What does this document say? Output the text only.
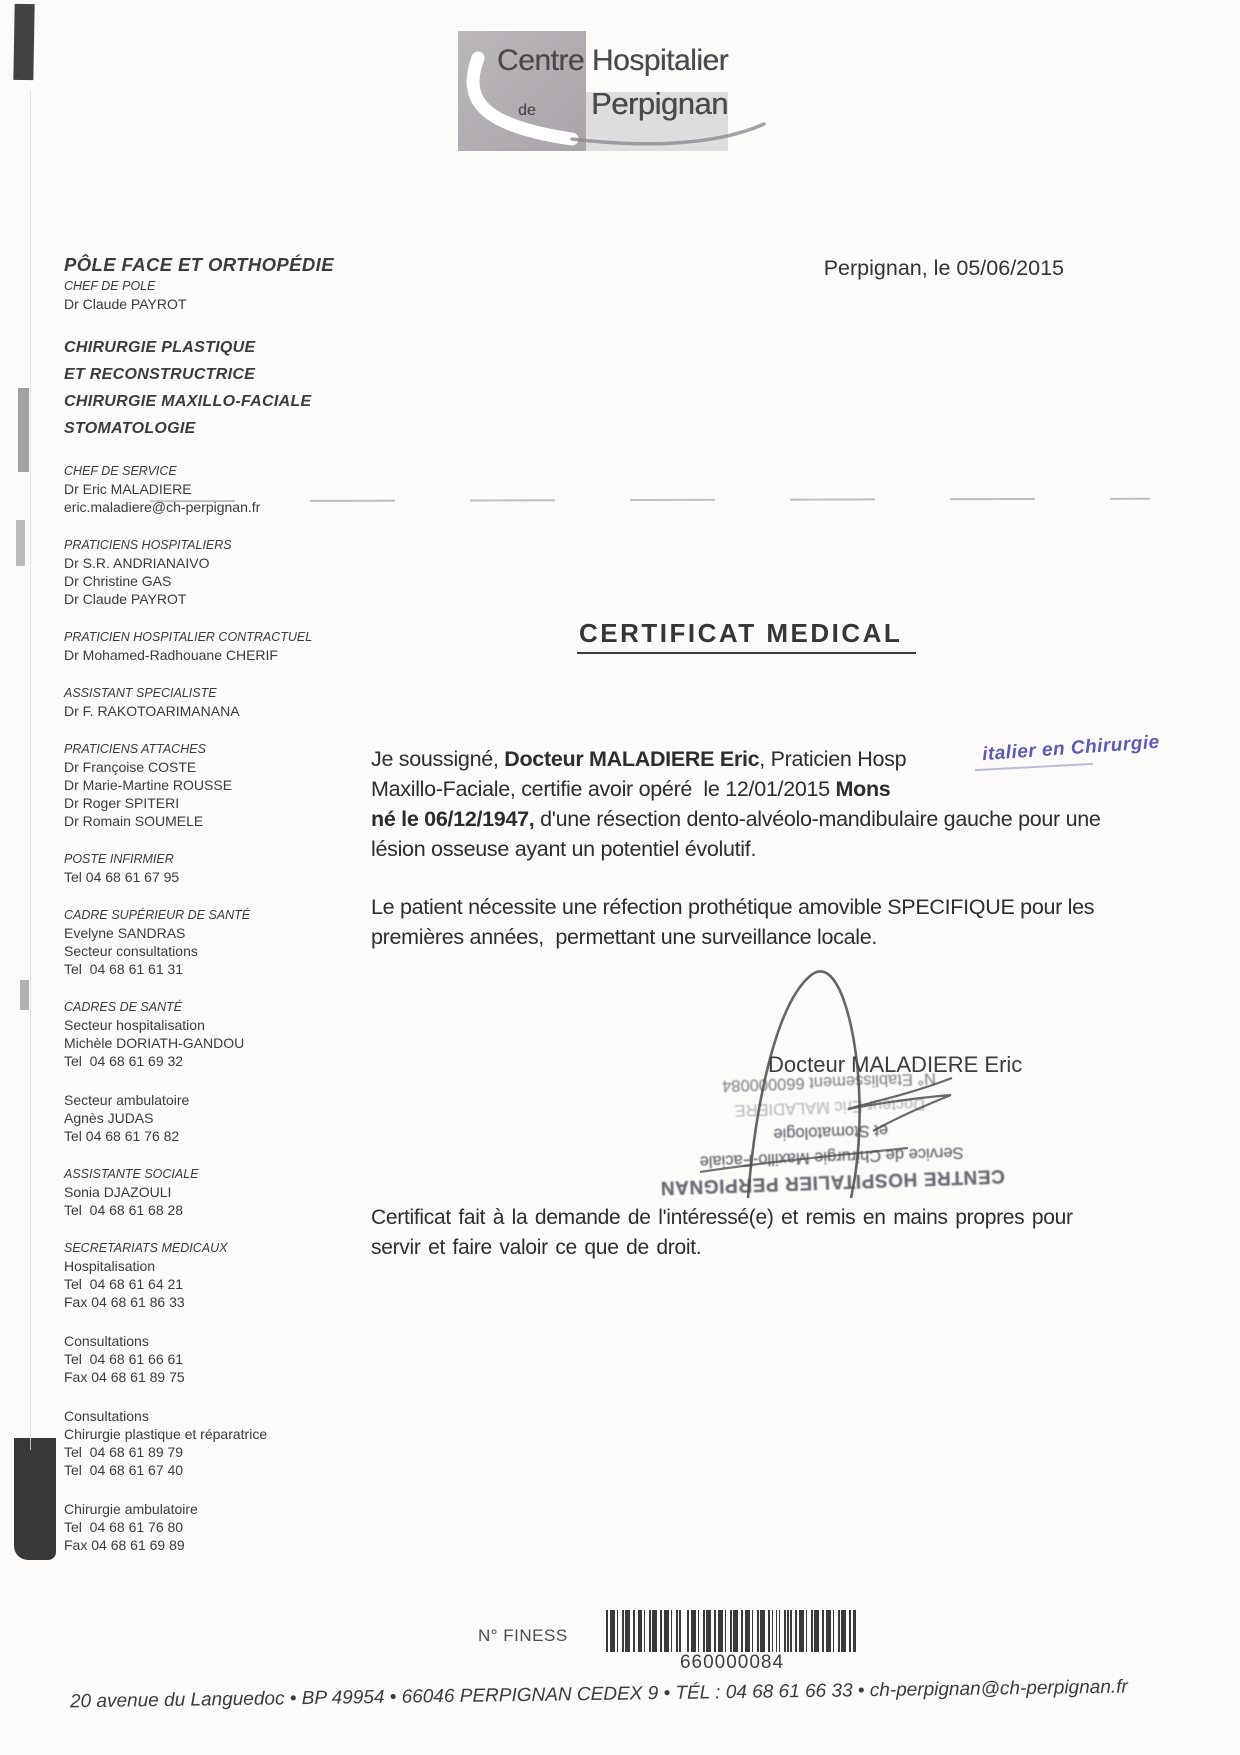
Centre Hospitalier
de Perpignan
Perpignan, le 05/06/2015
PÔLE FACE ET ORTHOPÉDIE
CHEF DE POLE
Dr Claude PAYROT
CHIRURGIE PLASTIQUE
ET RECONSTRUCTRICE
CHIRURGIE MAXILLO-FACIALE
STOMATOLOGIE
CHEF DE SERVICE
Dr Eric MALADIERE
eric.maladiere@ch-perpignan.fr
PRATICIENS HOSPITALIERS
Dr S.R. ANDRIANAIVO
Dr Christine GAS
Dr Claude PAYROT
PRATICIEN HOSPITALIER CONTRACTUEL
Dr Mohamed-Radhouane CHERIF
ASSISTANT SPECIALISTE
Dr F. RAKOTOARIMANANA
PRATICIENS ATTACHES
Dr Françoise COSTE
Dr Marie-Martine ROUSSE
Dr Roger SPITERI
Dr Romain SOUMELE
POSTE INFIRMIER
Tel 04 68 61 67 95
CADRE SUPÉRIEUR DE SANTÉ
Evelyne SANDRAS
Secteur consultations
Tel  04 68 61 61 31
CADRES DE SANTÉ
Secteur hospitalisation
Michèle DORIATH-GANDOU
Tel  04 68 61 69 32
Secteur ambulatoire
Agnès JUDAS
Tel 04 68 61 76 82
ASSISTANTE SOCIALE
Sonia DJAZOULI
Tel  04 68 61 68 28
SECRETARIATS MEDICAUX
Hospitalisation
Tel  04 68 61 64 21
Fax 04 68 61 86 33
Consultations
Tel  04 68 61 66 61
Fax 04 68 61 89 75
Consultations
Chirurgie plastique et réparatrice
Tel  04 68 61 89 79
Tel  04 68 61 67 40
Chirurgie ambulatoire
Tel  04 68 61 76 80
Fax 04 68 61 69 89
CERTIFICAT MEDICAL
Je soussigné, Docteur MALADIERE Eric, Praticien Hosp
Maxillo-Faciale, certifie avoir opéré  le 12/01/2015 Mons
né le 06/12/1947, d'une résection dento-alvéolo-mandibulaire gauche pour une
lésion osseuse ayant un potentiel évolutif.
italier en Chirurgie
Le patient nécessite une réfection prothétique amovible SPECIFIQUE pour les
premières années,  permettant une surveillance locale.
CENTRE HOSPITALIER PERPIGNAN
Service de Chirurgie Maxillo-Faciale
et Stomatologie
Docteur Eric MALADIERE
N° Etablissement 660000084
Docteur MALADIERE Eric
Certificat fait à la demande de l'intéressé(e) et remis en mains propres pour
servir et faire valoir ce que de droit.
N° FINESS
660000084
20 avenue du Languedoc • BP 49954 • 66046 PERPIGNAN CEDEX 9 • TÉL : 04 68 61 66 33 • ch-perpignan@ch-perpignan.fr
